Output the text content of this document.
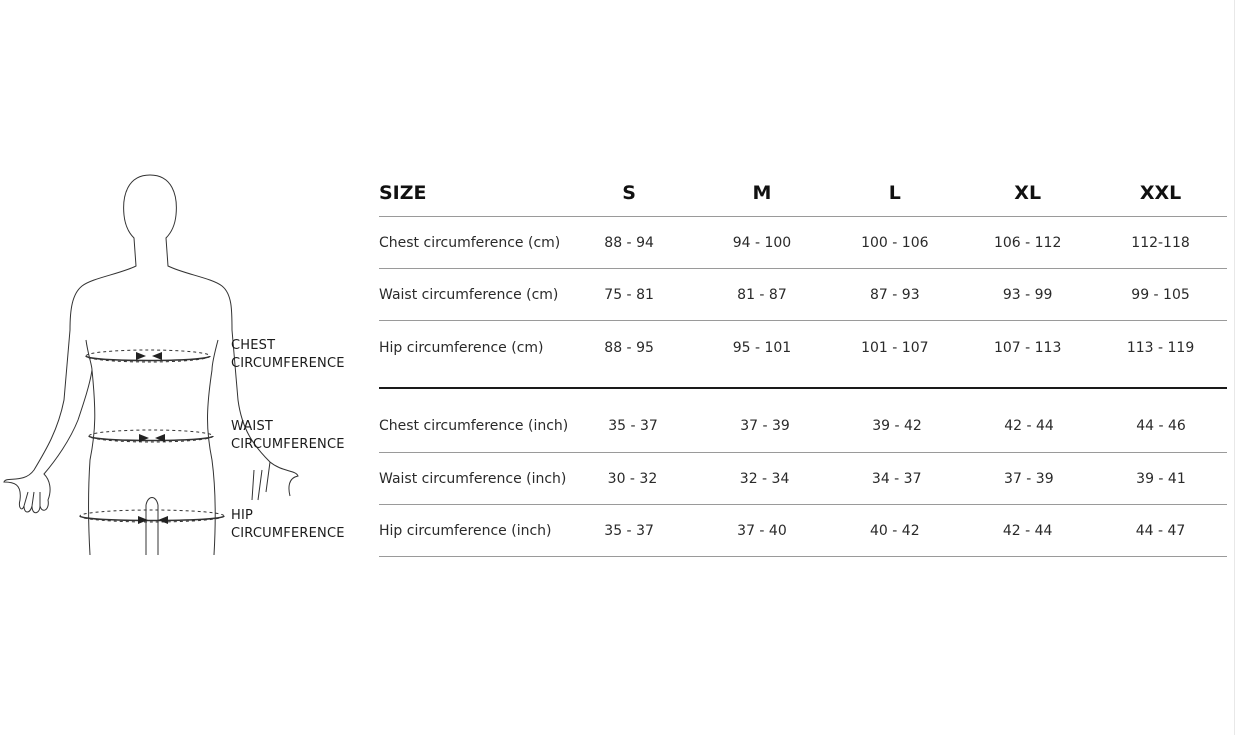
CHEST
CIRCUMFERENCE
WAIST
CIRCUMFERENCE
HIP
CIRCUMFERENCE
SIZE	S	M	L	XL	XXL
Chest circumference (cm)	88 - 94	94 - 100	100 - 106	106 - 112	112-118
Waist circumference (cm)	75 - 81	81 - 87	87 - 93	93 - 99	99 - 105
Hip circumference (cm)	88 - 95	95 - 101	101 - 107	107 - 113	113 - 119
Chest circumference (inch)	35 - 37	37 - 39	39 - 42	42 - 44	44 - 46
Waist circumference (inch)	30 - 32	32 - 34	34 - 37	37 - 39	39 - 41
Hip circumference (inch)	35 - 37	37 - 40	40 - 42	42 - 44	44 - 47
